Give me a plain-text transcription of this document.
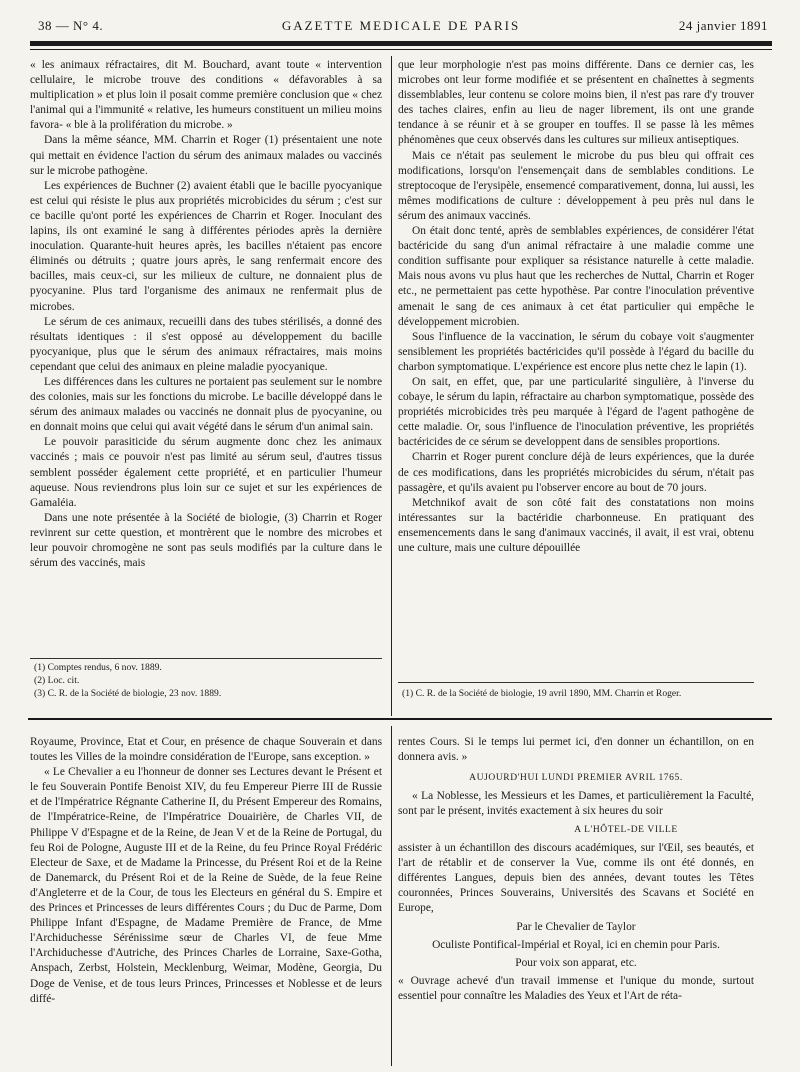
38 — N° 4.	GAZETTE MEDICALE DE PARIS	24 janvier 1891

« les animaux réfractaires, dit M. Bouchard, avant toute « intervention cellulaire, le microbe trouve des conditions « défavorables à sa multiplication » et plus loin il posait comme première conclusion que « chez l'animal qui a l'immunité « relative, les humeurs constituent un milieu moins favora- « ble à la prolifération du microbe. »

Dans la même séance, MM. Charrin et Roger (1) présentaient une note qui mettait en évidence l'action du sérum des animaux malades ou vaccinés sur le microbe pathogène.

Les expériences de Buchner (2) avaient établi que le bacille pyocyanique est celui qui résiste le plus aux propriétés microbicides du sérum ; c'est sur ce bacille qu'ont porté les expériences de Charrin et Roger. Inoculant des lapins, ils ont examiné le sang à différentes périodes après la dernière inoculation. Quarante-huit heures après, les bacilles n'étaient pas encore éliminés ou détruits ; quatre jours après, le sang renfermait encore des bacilles, mais ceux-ci, sur les milieux de culture, ne donnaient plus de pyocyanine. Plus tard l'organisme des animaux ne renfermait plus de microbes.

Le sérum de ces animaux, recueilli dans des tubes stérilisés, a donné des résultats identiques : il s'est opposé au développement du bacille pyocyanique, plus que le sérum des animaux réfractaires, mais moins cependant que celui des animaux en pleine maladie pyocyanique.

Les différences dans les cultures ne portaient pas seulement sur le nombre des colonies, mais sur les fonctions du microbe. Le bacille développé dans le sérum des animaux malades ou vaccinés ne donnait plus de pyocyanine, ou en donnait moins que celui qui avait végété dans le sérum d'un animal sain.

Le pouvoir parasiticide du sérum augmente donc chez les animaux vaccinés ; mais ce pouvoir n'est pas limité au sérum seul, d'autres tissus semblent posséder également cette propriété, et en particulier l'humeur aqueuse. Nous reviendrons plus loin sur ce sujet et sur les expériences de Gamaléia.

Dans une note présentée à la Société de biologie, (3) Charrin et Roger revinrent sur cette question, et montrèrent que le nombre des microbes et leur pouvoir chromogène ne sont pas seuls modifiés par la culture dans le sérum des vaccinés, mais

(1) Comptes rendus, 6 nov. 1889.
(2) Loc. cit.
(3) C. R. de la Société de biologie, 23 nov. 1889.

que leur morphologie n'est pas moins différente. Dans ce dernier cas, les microbes ont leur forme modifiée et se présentent en chaînettes à segments dissemblables, leur contenu se colore moins bien, il n'est pas rare d'y trouver des taches claires, enfin au lieu de nager librement, ils ont une grande tendance à se réunir et à se grouper en touffes. Il se passe là les mêmes phénomènes que ceux observés dans les cultures sur milieux antiseptiques.

Mais ce n'était pas seulement le microbe du pus bleu qui offrait ces modifications, lorsqu'on l'ensemençait dans de semblables conditions. Le streptocoque de l'erysipèle, ensemencé comparativement, donna, lui aussi, les mêmes modifications de culture : développement à peu près nul dans le sérum des animaux vaccinés.

On était donc tenté, après de semblables expériences, de considérer l'état bactéricide du sang d'un animal réfractaire à une maladie comme une condition suffisante pour expliquer sa résistance naturelle à cette maladie. Mais nous avons vu plus haut que les recherches de Nuttal, Charrin et Roger etc., ne permettaient pas cette hypothèse. Par contre l'inoculation préventive amenait le sang de ces animaux à cet état particulier qui empêche le développement microbien.

Sous l'influence de la vaccination, le sérum du cobaye voit s'augmenter sensiblement les propriétés bactéricides qu'il possède à l'égard du bacille du charbon symptomatique. L'expérience est encore plus nette chez le lapin (1).

On sait, en effet, que, par une particularité singulière, à l'inverse du cobaye, le sérum du lapin, réfractaire au charbon symptomatique, possède des propriétés microbicides très peu marquée à l'égard de l'agent pathogène de cette maladie. Or, sous l'influence de l'inoculation préventive, les propriétés bactéricides de ce sérum se developpent dans de sensibles proportions.

Charrin et Roger purent conclure déjà de leurs expériences, que la durée de ces modifications, dans les propriétés microbicides du sérum, n'était pas passagère, et qu'ils avaient pu l'observer encore au bout de 70 jours.

Metchnikof avait de son côté fait des constatations non moins intéressantes sur la bactéridie charbonneuse. En pratiquant des ensemencements dans le sang d'animaux vaccinés, il avait, il est vrai, obtenu une culture, mais une culture dépouillée

(1) C. R. de la Société de biologie, 19 avril 1890, MM. Charrin et Roger.

Royaume, Province, Etat et Cour, en présence de chaque Souverain et dans toutes les Villes de la moindre considération de l'Europe, sans exception. »

« Le Chevalier a eu l'honneur de donner ses Lectures devant le Présent et le feu Souverain Pontife Benoist XIV, du feu Empereur Pierre III de Russie et de l'Impératrice Régnante Catherine II, du Présent Empereur des Romains, de l'Impératrice-Reine, de l'Impératrice Douairière, de Charles VII, de Philippe V d'Espagne et de la Reine, de Jean V et de la Reine de Portugal, du feu Roi de Pologne, Auguste III et de la Reine, du feu Prince Royal Frédéric Electeur de Saxe, et de Madame la Princesse, du Présent Roi et de la Reine de Danemarck, du Présent Roi et de la Reine de Suède, de la feue Reine d'Angleterre et de la Cour, de tous les Electeurs en général du S. Empire et des Princes et Princesses de leurs différentes Cours ; du Duc de Parme, Dom Philippe Infant d'Espagne, de Madame Première de France, de Mme l'Archiduchesse Sérénissime sœur de Charles VI, de feue Mme l'Archiduchesse d'Autriche, des Princes Charles de Lorraine, Saxe-Gotha, Anspach, Zerbst, Holstein, Mecklenburg, Weimar, Modène, Georgia, Du Doge de Venise, et de tous leurs Princes, Princesses et Noblesse et de leurs diffé-

rentes Cours. Si le temps lui permet ici, d'en donner un échantillon, on en donnera avis. »

AUJOURD'HUI LUNDI PREMIER AVRIL 1765.

« La Noblesse, les Messieurs et les Dames, et particulièrement la Faculté, sont par le présent, invités exactement à six heures du soir

A L'HÔTEL-DE VILLE

assister à un échantillon des discours académiques, sur l'Œil, ses beautés, et l'art de rétablir et de conserver la Vue, comme ils ont été donnés, en différentes Langues, depuis bien des années, devant toutes les Têtes couronnées, Princes Souverains, Universités des Scavans et Société en Europe,

Par le Chevalier de Taylor

Oculiste Pontifical-Impérial et Royal, ici en chemin pour Paris.

Pour voix son apparat, etc.

« Ouvrage achevé d'un travail immense et l'unique du monde, surtout essentiel pour connaître les Maladies des Yeux et l'Art de réta-
